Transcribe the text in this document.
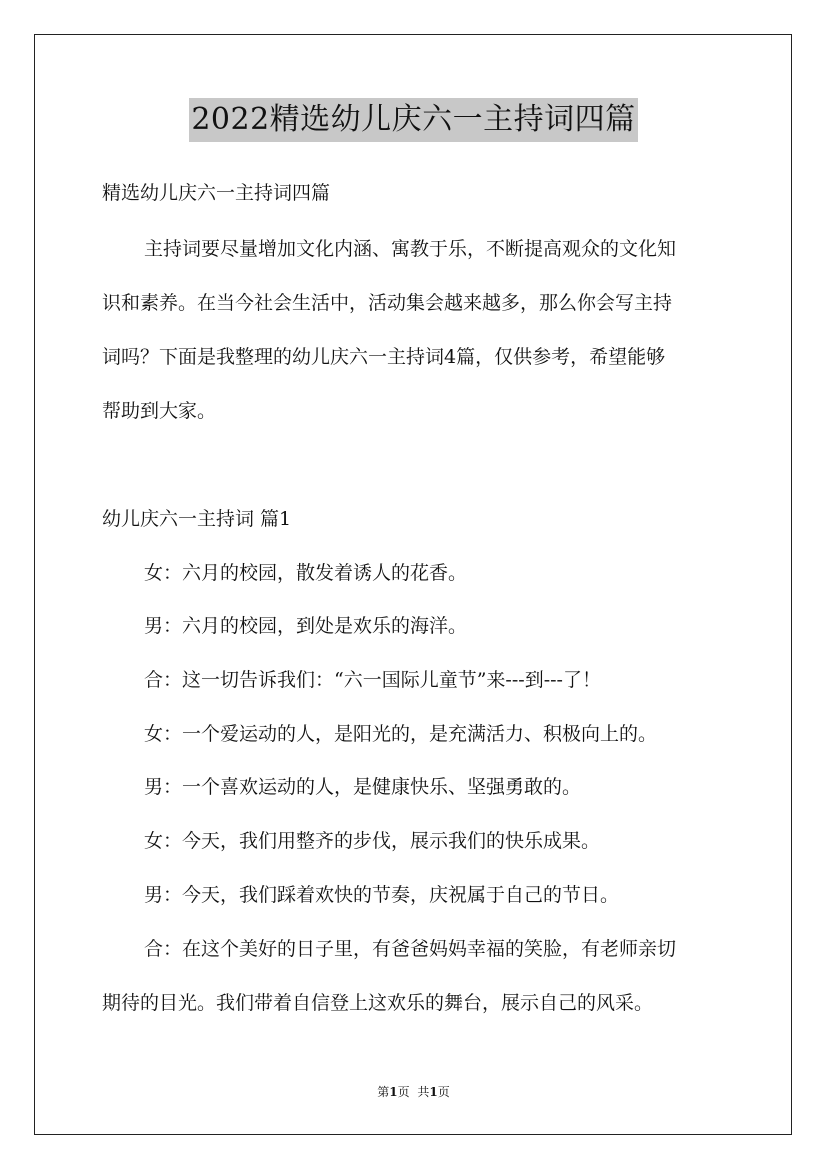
2022精选幼儿庆六一主持词四篇

精选幼儿庆六一主持词四篇

主持词要尽量增加文化内涵、寓教于乐，不断提高观众的文化知

识和素养。在当今社会生活中，活动集会越来越多，那么你会写主持

词吗？下面是我整理的幼儿庆六一主持词4篇，仅供参考，希望能够

帮助到大家。

幼儿庆六一主持词 篇1

女：六月的校园，散发着诱人的花香。

男：六月的校园，到处是欢乐的海洋。

合：这一切告诉我们：“六一国际儿童节”来---到---了！

女：一个爱运动的人，是阳光的，是充满活力、积极向上的。

男：一个喜欢运动的人，是健康快乐、坚强勇敢的。

女：今天，我们用整齐的步伐，展示我们的快乐成果。

男：今天，我们踩着欢快的节奏，庆祝属于自己的节日。

合：在这个美好的日子里，有爸爸妈妈幸福的笑脸，有老师亲切

期待的目光。我们带着自信登上这欢乐的舞台，展示自己的风采。

第1页 共1页
